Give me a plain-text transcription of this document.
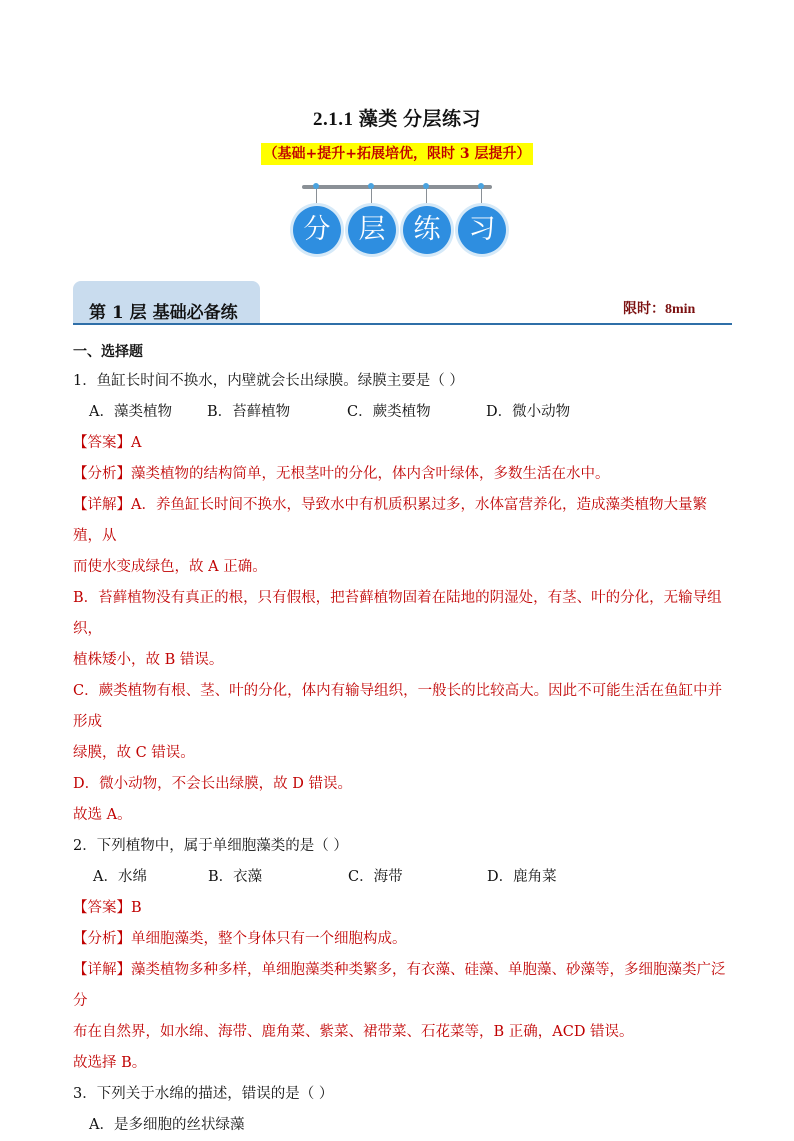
2.1.1 藻类 分层练习
（基础+提升+拓展培优，限时 3 层提升）
分	层	练	习
第 1 层 基础必备练	限时：8min

一、选择题

1．鱼缸长时间不换水，内壁就会长出绿膜。绿膜主要是（ ）

A．藻类植物	B．苔藓植物	C．蕨类植物	D．微小动物

【答案】A

【分析】藻类植物的结构简单，无根茎叶的分化，体内含叶绿体，多数生活在水中。

【详解】A．养鱼缸长时间不换水，导致水中有机质积累过多，水体富营养化，造成藻类植物大量繁殖，从

而使水变成绿色，故 A 正确。

B．苔藓植物没有真正的根，只有假根，把苔藓植物固着在陆地的阴湿处，有茎、叶的分化，无输导组织，

植株矮小，故 B 错误。

C．蕨类植物有根、茎、叶的分化，体内有输导组织，一般长的比较高大。因此不可能生活在鱼缸中并形成

绿膜，故 C 错误。

D．微小动物，不会长出绿膜，故 D 错误。

故选 A。

2．下列植物中，属于单细胞藻类的是（ ）

A．水绵	B．衣藻	C．海带	D．鹿角菜

【答案】B

【分析】单细胞藻类，整个身体只有一个细胞构成。

【详解】藻类植物多种多样，单细胞藻类种类繁多，有衣藻、硅藻、单胞藻、砂藻等，多细胞藻类广泛分

布在自然界，如水绵、海带、鹿角菜、紫菜、裙带菜、石花菜等，B 正确，ACD 错误。

故选择 B。

3．下列关于水绵的描述，错误的是（ ）

A．是多细胞的丝状绿藻
